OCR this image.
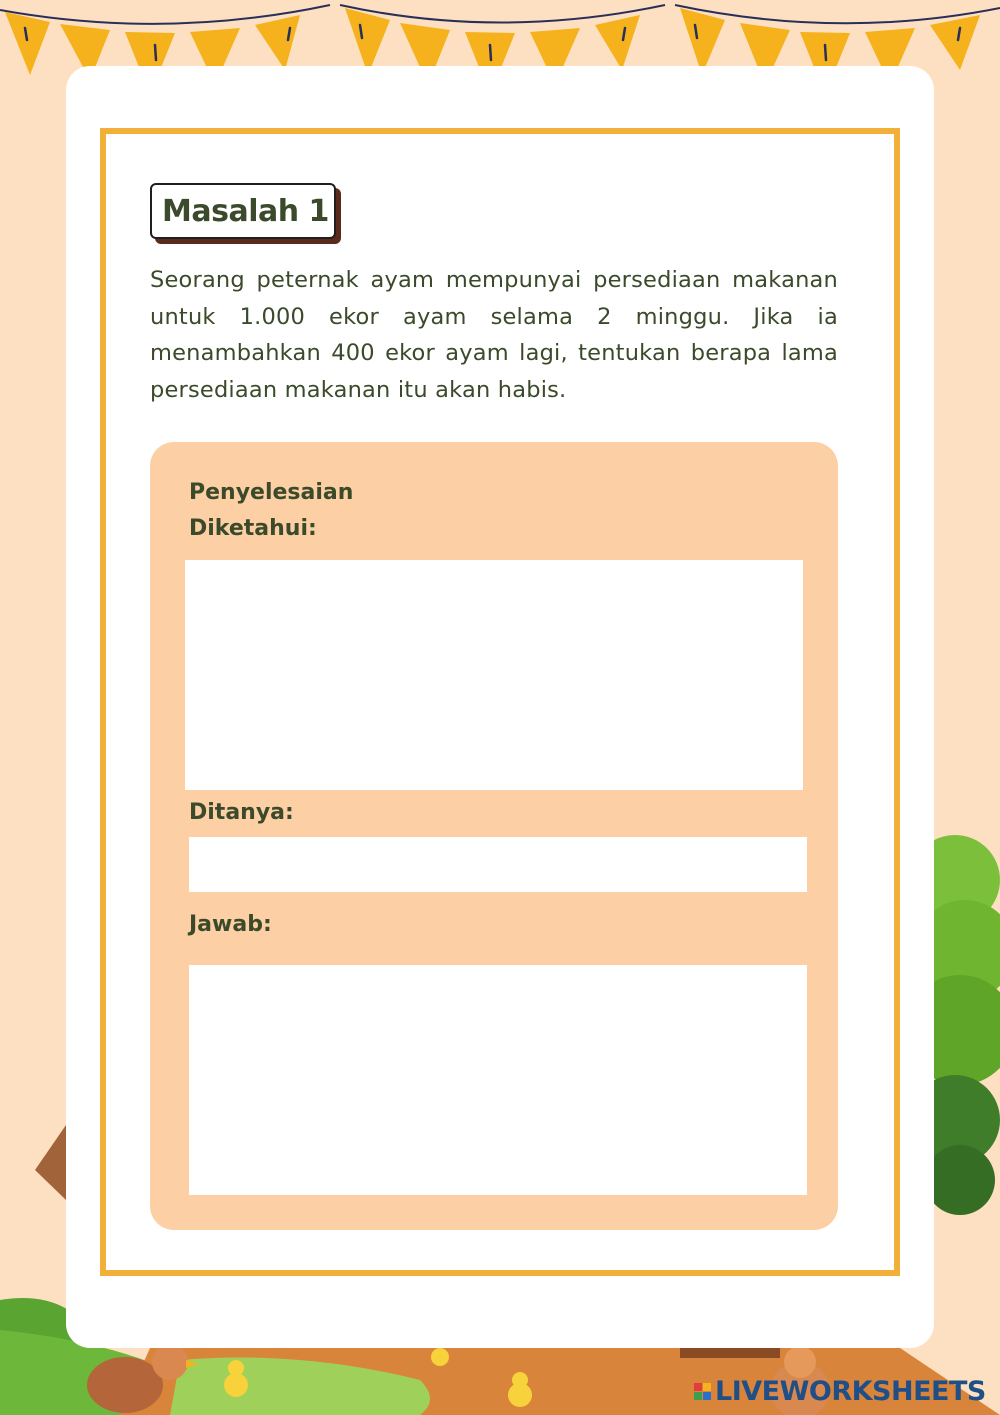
Masalah 1
Seorang peternak ayam mempunyai persediaan makanan untuk 1.000 ekor ayam selama 2 minggu. Jika ia menambahkan 400 ekor ayam lagi, tentukan berapa lama persediaan makanan itu akan habis.
Penyelesaian
Diketahui:
Ditanya:
Jawab:
LIVEWORKSHEETS
